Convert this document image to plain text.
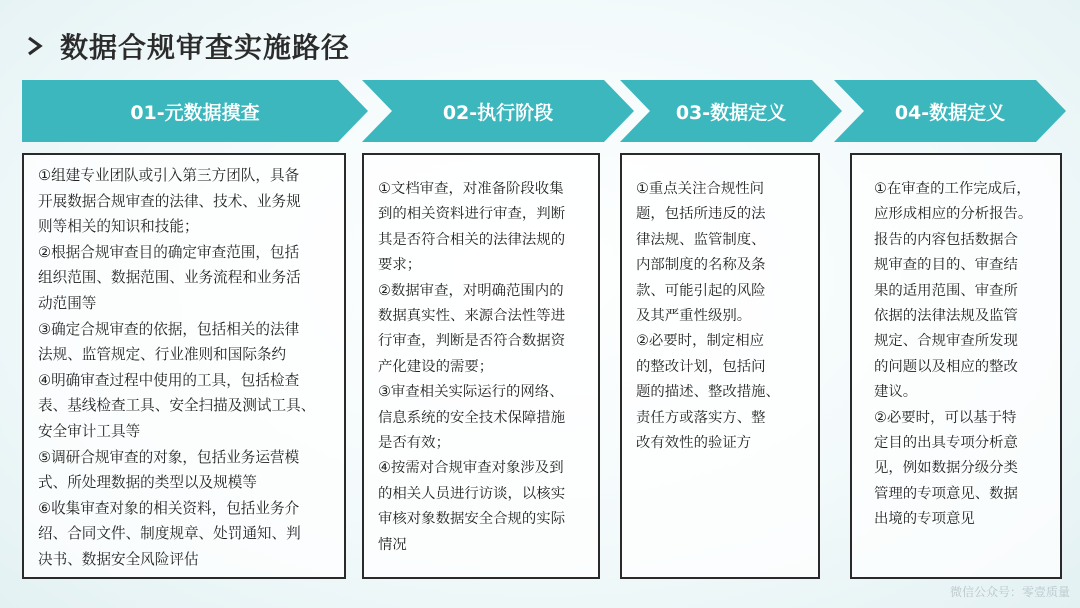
数据合规审查实施路径
01-元数据摸查	02-执行阶段	03-数据定义	04-数据定义

①组建专业团队或引入第三方团队，具备
开展数据合规审查的法律、技术、业务规
则等相关的知识和技能；
②根据合规审查目的确定审查范围，包括
组织范围、数据范围、业务流程和业务活
动范围等
③确定合规审查的依据，包括相关的法律
法规、监管规定、行业准则和国际条约
④明确审查过程中使用的工具，包括检查
表、基线检查工具、安全扫描及测试工具、
安全审计工具等
⑤调研合规审查的对象，包括业务运营模
式、所处理数据的类型以及规模等
⑥收集审查对象的相关资料，包括业务介
绍、合同文件、制度规章、处罚通知、判
决书、数据安全风险评估

①文档审查，对准备阶段收集
到的相关资料进行审查，判断
其是否符合相关的法律法规的
要求；
②数据审查，对明确范围内的
数据真实性、来源合法性等进
行审查，判断是否符合数据资
产化建设的需要；
③审查相关实际运行的网络、
信息系统的安全技术保障措施
是否有效；
④按需对合规审查对象涉及到
的相关人员进行访谈，以核实
审核对象数据安全合规的实际
情况

①重点关注合规性问
题，包括所违反的法
律法规、监管制度、
内部制度的名称及条
款、可能引起的风险
及其严重性级别。
②必要时，制定相应
的整改计划，包括问
题的描述、整改措施、
责任方或落实方、整
改有效性的验证方

①在审查的工作完成后，
应形成相应的分析报告。
报告的内容包括数据合
规审查的目的、审查结
果的适用范围、审查所
依据的法律法规及监管
规定、合规审查所发现
的问题以及相应的整改
建议。
②必要时，可以基于特
定目的出具专项分析意
见，例如数据分级分类
管理的专项意见、数据
出境的专项意见

微信公众号：零壹质量
